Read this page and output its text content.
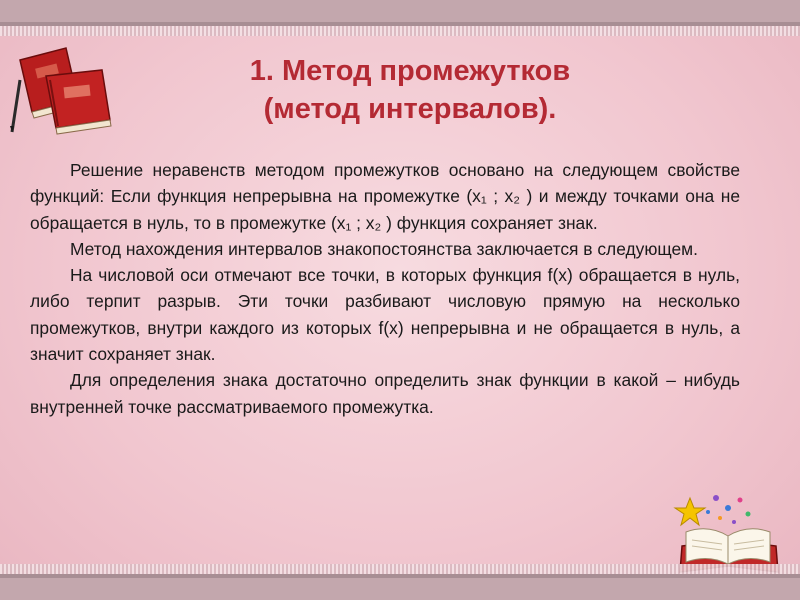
1. Метод промежутков
(метод интервалов).

Решение неравенств методом промежутков основано на следующем свойстве функций: Если функция непрерывна на промежутке (x₁ ; x₂ ) и между точками она не обращается в нуль, то в промежутке (x₁ ; x₂ ) функция сохраняет знак.

Метод нахождения интервалов знакопостоянства заключается в следующем.

На числовой оси отмечают все точки, в которых функция f(x) обращается в нуль, либо терпит разрыв. Эти точки разбивают числовую прямую на несколько промежутков, внутри каждого из которых f(x) непрерывна и не обращается в нуль, а значит сохраняет знак.

Для определения знака достаточно определить знак функции в какой – нибудь внутренней точке рассматриваемого промежутка.
